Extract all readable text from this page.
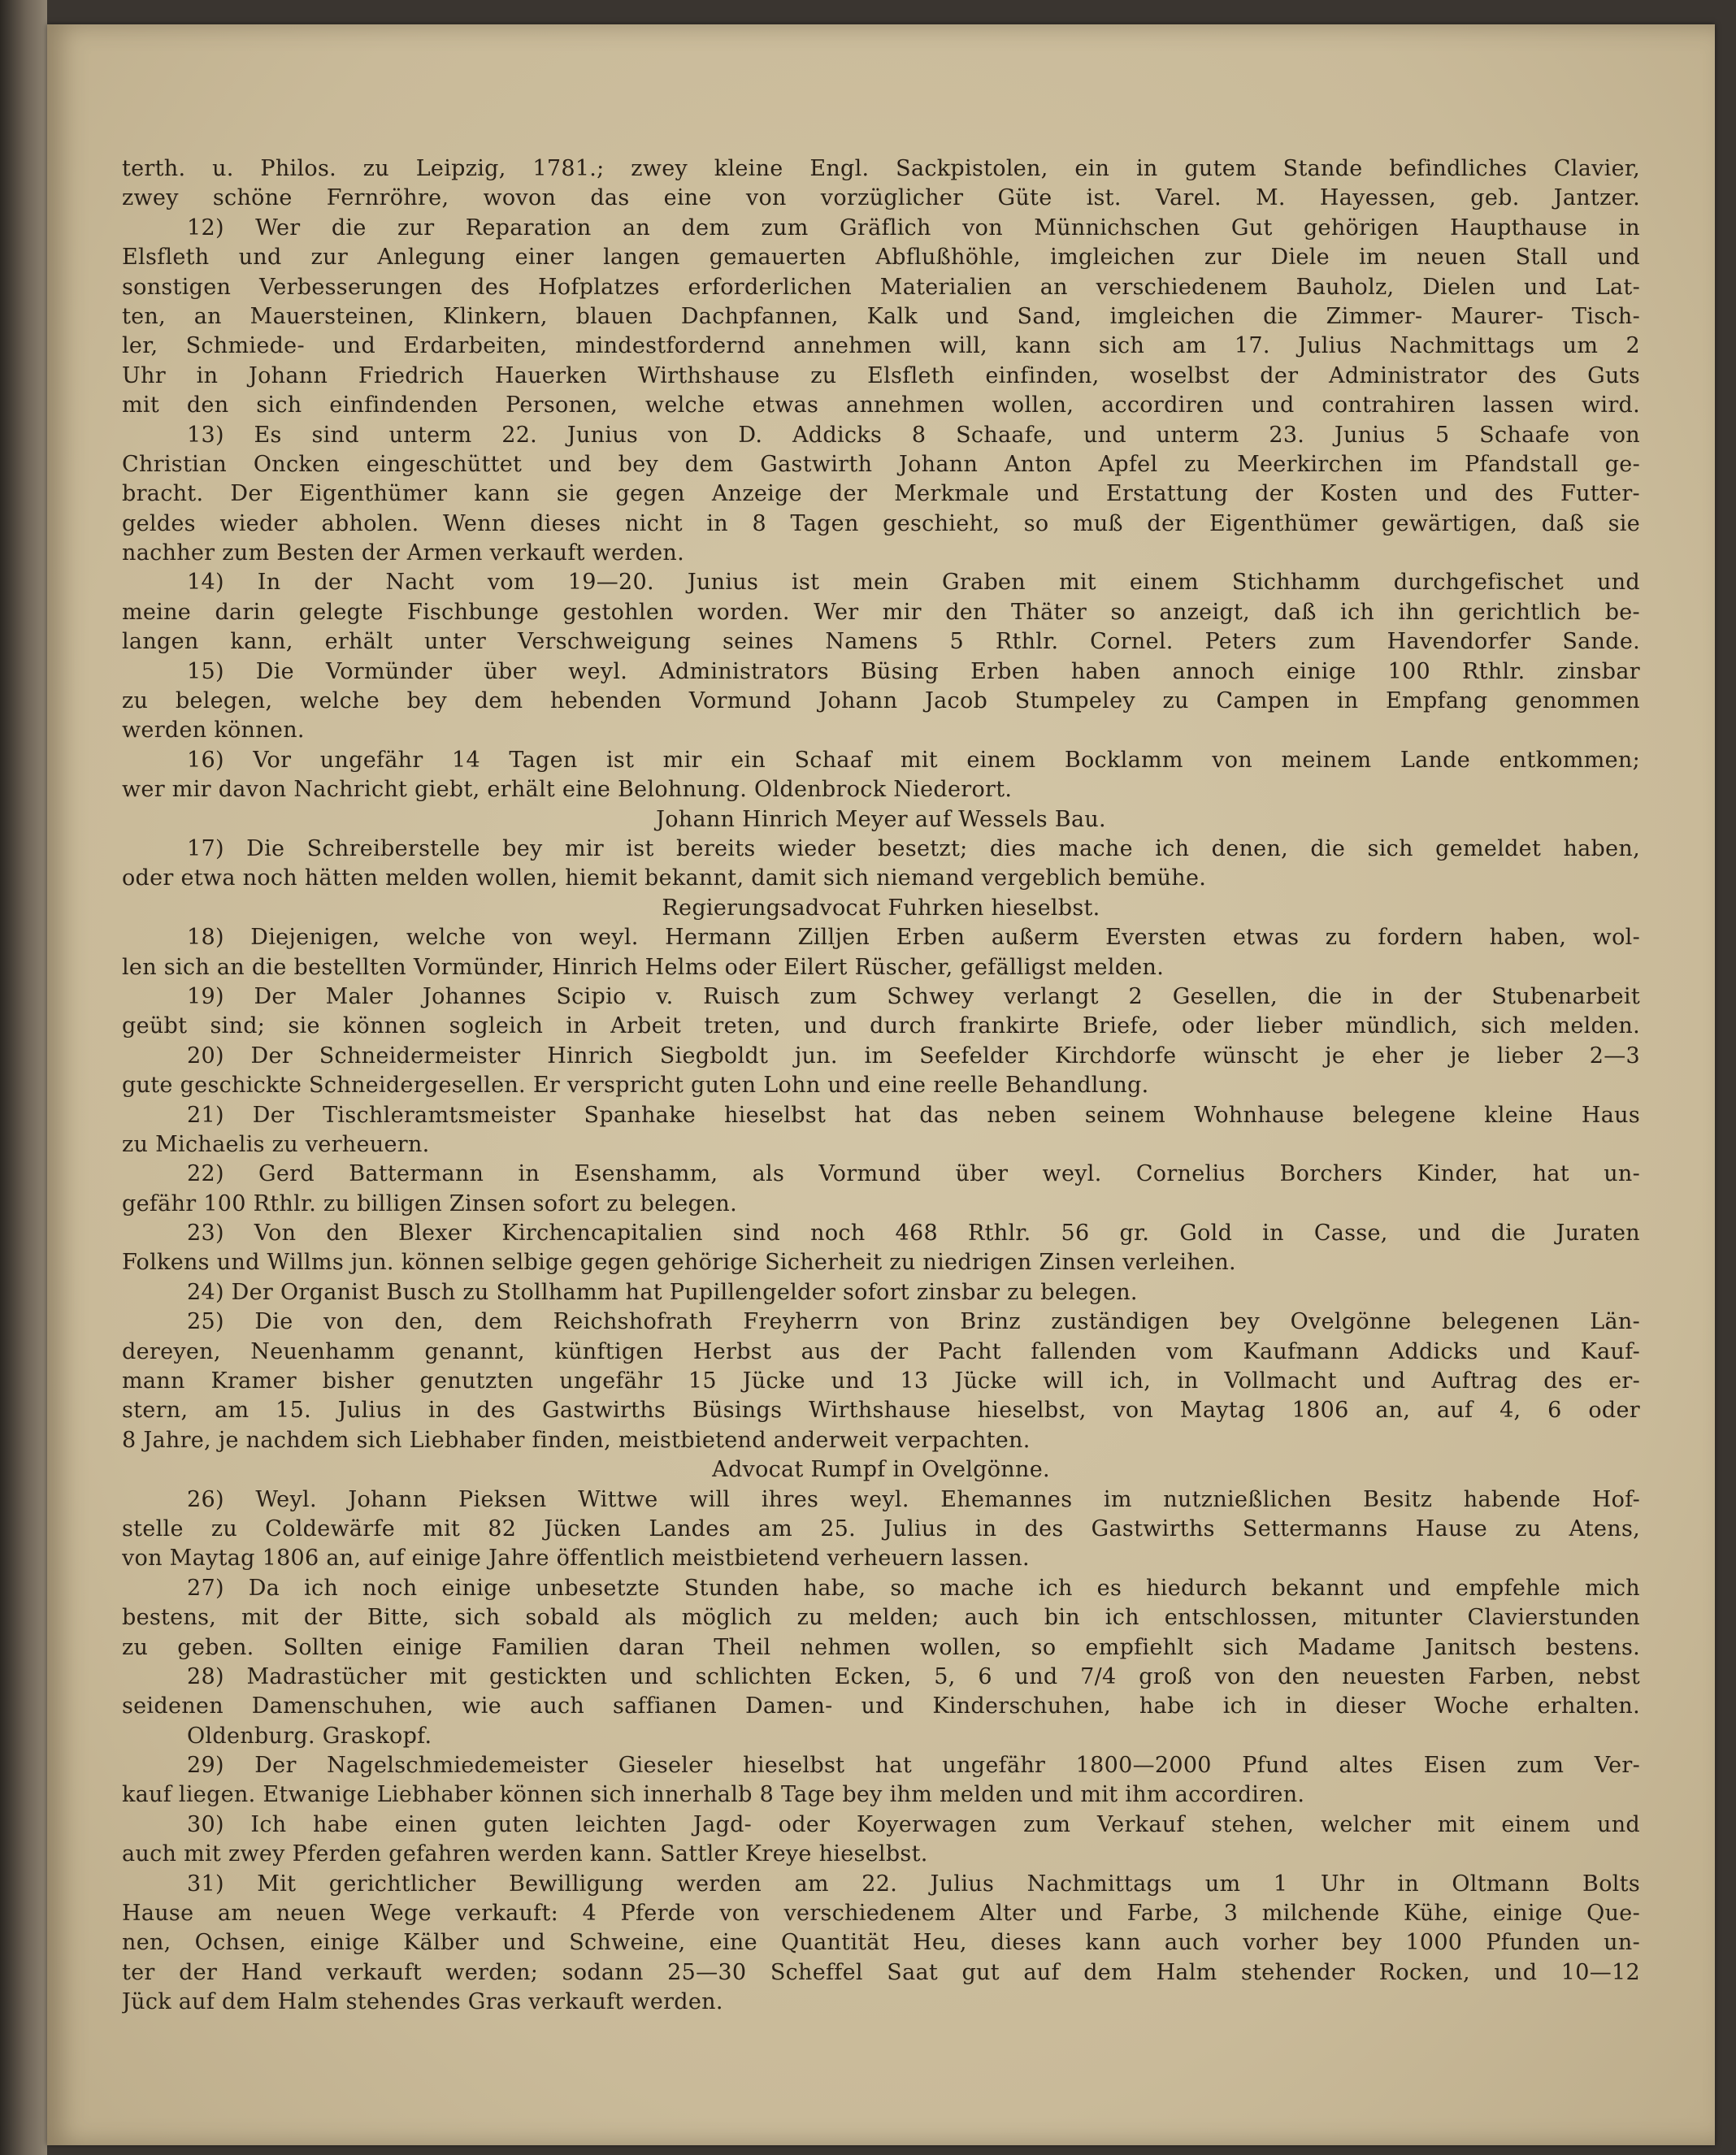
terth. u. Philos. zu Leipzig, 1781.; zwey kleine Engl. Sackpistolen, ein in gutem Stande befindliches Clavier,
zwey schöne Fernröhre, wovon das eine von vorzüglicher Güte ist. Varel. M. Hayessen, geb. Jantzer.
12) Wer die zur Reparation an dem zum Gräflich von Münnichschen Gut gehörigen Haupthause in
Elsfleth und zur Anlegung einer langen gemauerten Abflußhöhle, imgleichen zur Diele im neuen Stall und
sonstigen Verbesserungen des Hofplatzes erforderlichen Materialien an verschiedenem Bauholz, Dielen und Lat-
ten, an Mauersteinen, Klinkern, blauen Dachpfannen, Kalk und Sand, imgleichen die Zimmer- Maurer- Tisch-
ler, Schmiede- und Erdarbeiten, mindestfordernd annehmen will, kann sich am 17. Julius Nachmittags um 2
Uhr in Johann Friedrich Hauerken Wirthshause zu Elsfleth einfinden, woselbst der Administrator des Guts
mit den sich einfindenden Personen, welche etwas annehmen wollen, accordiren und contrahiren lassen wird.
13) Es sind unterm 22. Junius von D. Addicks 8 Schaafe, und unterm 23. Junius 5 Schaafe von
Christian Oncken eingeschüttet und bey dem Gastwirth Johann Anton Apfel zu Meerkirchen im Pfandstall ge-
bracht. Der Eigenthümer kann sie gegen Anzeige der Merkmale und Erstattung der Kosten und des Futter-
geldes wieder abholen. Wenn dieses nicht in 8 Tagen geschieht, so muß der Eigenthümer gewärtigen, daß sie
nachher zum Besten der Armen verkauft werden.
14) In der Nacht vom 19—20. Junius ist mein Graben mit einem Stichhamm durchgefischet und
meine darin gelegte Fischbunge gestohlen worden. Wer mir den Thäter so anzeigt, daß ich ihn gerichtlich be-
langen kann, erhält unter Verschweigung seines Namens 5 Rthlr. Cornel. Peters zum Havendorfer Sande.
15) Die Vormünder über weyl. Administrators Büsing Erben haben annoch einige 100 Rthlr. zinsbar
zu belegen, welche bey dem hebenden Vormund Johann Jacob Stumpeley zu Campen in Empfang genommen
werden können.
16) Vor ungefähr 14 Tagen ist mir ein Schaaf mit einem Bocklamm von meinem Lande entkommen;
wer mir davon Nachricht giebt, erhält eine Belohnung. Oldenbrock Niederort.
Johann Hinrich Meyer auf Wessels Bau.
17) Die Schreiberstelle bey mir ist bereits wieder besetzt; dies mache ich denen, die sich gemeldet haben,
oder etwa noch hätten melden wollen, hiemit bekannt, damit sich niemand vergeblich bemühe.
Regierungsadvocat Fuhrken hieselbst.
18) Diejenigen, welche von weyl. Hermann Zilljen Erben außerm Eversten etwas zu fordern haben, wol-
len sich an die bestellten Vormünder, Hinrich Helms oder Eilert Rüscher, gefälligst melden.
19) Der Maler Johannes Scipio v. Ruisch zum Schwey verlangt 2 Gesellen, die in der Stubenarbeit
geübt sind; sie können sogleich in Arbeit treten, und durch frankirte Briefe, oder lieber mündlich, sich melden.
20) Der Schneidermeister Hinrich Siegboldt jun. im Seefelder Kirchdorfe wünscht je eher je lieber 2—3
gute geschickte Schneidergesellen. Er verspricht guten Lohn und eine reelle Behandlung.
21) Der Tischleramtsmeister Spanhake hieselbst hat das neben seinem Wohnhause belegene kleine Haus
zu Michaelis zu verheuern.
22) Gerd Battermann in Esenshamm, als Vormund über weyl. Cornelius Borchers Kinder, hat un-
gefähr 100 Rthlr. zu billigen Zinsen sofort zu belegen.
23) Von den Blexer Kirchencapitalien sind noch 468 Rthlr. 56 gr. Gold in Casse, und die Juraten
Folkens und Willms jun. können selbige gegen gehörige Sicherheit zu niedrigen Zinsen verleihen.
24) Der Organist Busch zu Stollhamm hat Pupillengelder sofort zinsbar zu belegen.
25) Die von den, dem Reichshofrath Freyherrn von Brinz zuständigen bey Ovelgönne belegenen Län-
dereyen, Neuenhamm genannt, künftigen Herbst aus der Pacht fallenden vom Kaufmann Addicks und Kauf-
mann Kramer bisher genutzten ungefähr 15 Jücke und 13 Jücke will ich, in Vollmacht und Auftrag des er-
stern, am 15. Julius in des Gastwirths Büsings Wirthshause hieselbst, von Maytag 1806 an, auf 4, 6 oder
8 Jahre, je nachdem sich Liebhaber finden, meistbietend anderweit verpachten.
Advocat Rumpf in Ovelgönne.
26) Weyl. Johann Pieksen Wittwe will ihres weyl. Ehemannes im nutznießlichen Besitz habende Hof-
stelle zu Coldewärfe mit 82 Jücken Landes am 25. Julius in des Gastwirths Settermanns Hause zu Atens,
von Maytag 1806 an, auf einige Jahre öffentlich meistbietend verheuern lassen.
27) Da ich noch einige unbesetzte Stunden habe, so mache ich es hiedurch bekannt und empfehle mich
bestens, mit der Bitte, sich sobald als möglich zu melden; auch bin ich entschlossen, mitunter Clavierstunden
zu geben. Sollten einige Familien daran Theil nehmen wollen, so empfiehlt sich Madame Janitsch bestens.
28) Madrastücher mit gestickten und schlichten Ecken, 5, 6 und 7/4 groß von den neuesten Farben, nebst
seidenen Damenschuhen, wie auch saffianen Damen- und Kinderschuhen, habe ich in dieser Woche erhalten.
Oldenburg. Graskopf.
29) Der Nagelschmiedemeister Gieseler hieselbst hat ungefähr 1800—2000 Pfund altes Eisen zum Ver-
kauf liegen. Etwanige Liebhaber können sich innerhalb 8 Tage bey ihm melden und mit ihm accordiren.
30) Ich habe einen guten leichten Jagd- oder Koyerwagen zum Verkauf stehen, welcher mit einem und
auch mit zwey Pferden gefahren werden kann. Sattler Kreye hieselbst.
31) Mit gerichtlicher Bewilligung werden am 22. Julius Nachmittags um 1 Uhr in Oltmann Bolts
Hause am neuen Wege verkauft: 4 Pferde von verschiedenem Alter und Farbe, 3 milchende Kühe, einige Que-
nen, Ochsen, einige Kälber und Schweine, eine Quantität Heu, dieses kann auch vorher bey 1000 Pfunden un-
ter der Hand verkauft werden; sodann 25—30 Scheffel Saat gut auf dem Halm stehender Rocken, und 10—12
Jück auf dem Halm stehendes Gras verkauft werden.
